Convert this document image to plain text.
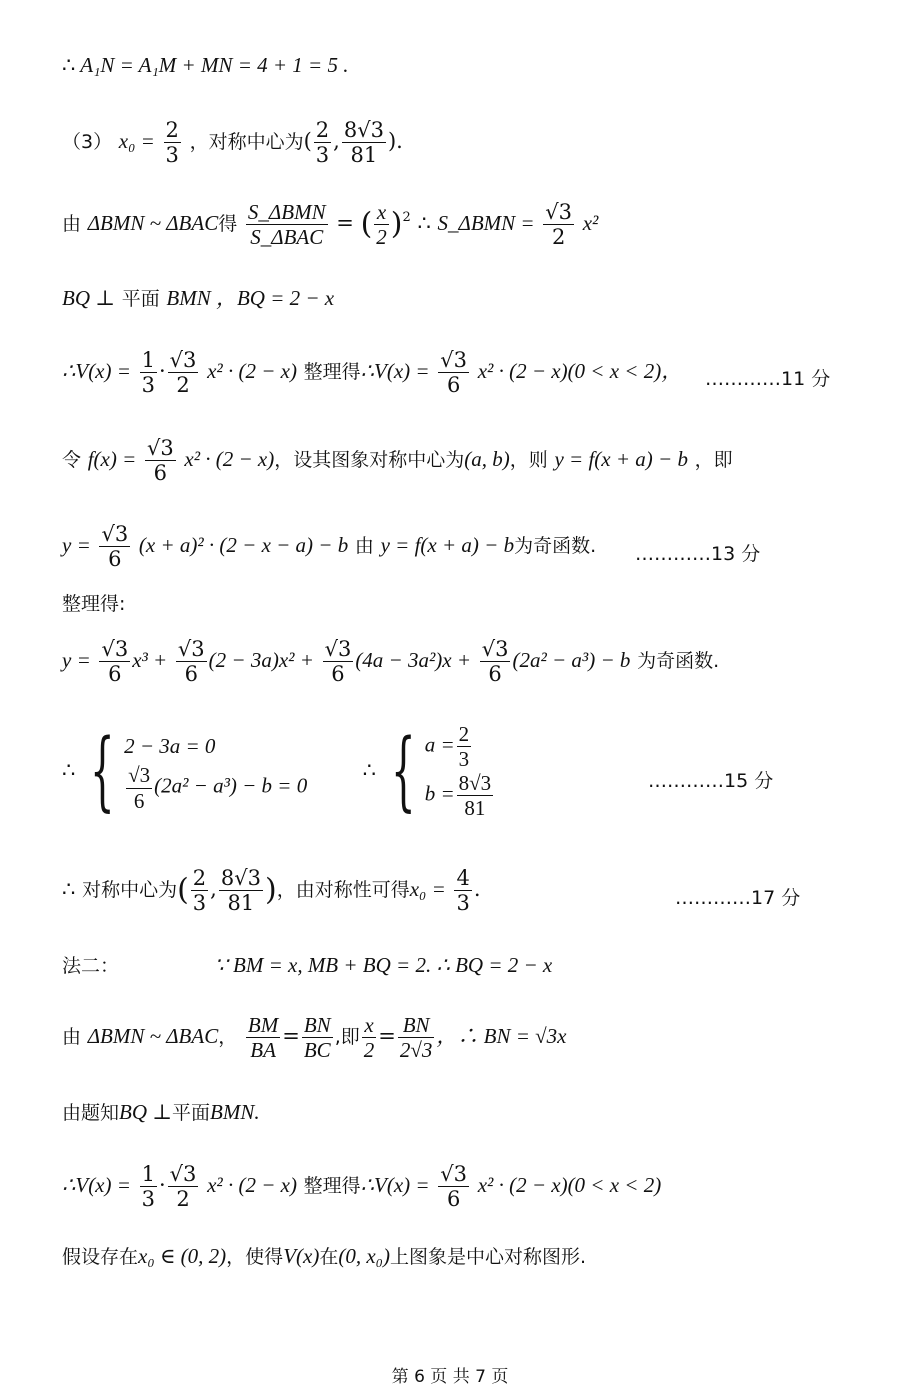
∴ A₁N = A₁M + MN = 4 + 1 = 5 .
（3） $x_0 = \frac{2}{3}$ ，对称中心为( $\frac{2}{3}$ , $\frac{8√3}{81}$ ).
由 ΔBMN ~ ΔBAC得 $\frac{\text{S\_ΔBMN}}{\text{S\_ΔBAC}}$ = ( $\frac{x}{2} )^2$ ∴ S_ΔBMN = $\frac{√3}{2} x^2$
BQ ⊥ 平面 BMN ，BQ = 2 − x
∴V(x) = $\frac{1}{3} \cdot \frac{√3}{2} x^2 \cdot (2 - x)$ 整理得∴V(x) = $\frac{√3}{6} x^2 \cdot (2 - x)(0 < x < 2)$， …………11 分
令 $f(x) = \frac{√3}{6} x^2 \cdot (2 - x)$，设其图象对称中心为(a, b)，则 y = f(x + a) − b ，即
$y = \frac{√3}{6} (x + a)^2 \cdot (2 - x - a) - b$ 由 y = f(x + a) − b为奇函数. …………13 分
整理得:
$y = \frac{√3}{6} x^3 + \frac{√3}{6} (2 - 3a)x^2 + \frac{√3}{6} (4a - 3a^2)x + \frac{√3}{6} (2a^2 - a^3) - b$ 为奇函数.
∴ { 2 − 3a = 0
$\frac{√3}{6} (2a^2 - a^3) - b = 0$
∴ { $a = \frac{2}{3}$
$b = \frac{8√3}{81}$	…………15 分
∴ 对称中心为( $\frac{2}{3}$ , $\frac{8√3}{81}$ )，由对称性可得$x_0 = \frac{4}{3}$ .	…………17 分
法二：	∵ BM = x, MB + BQ = 2. ∴ BQ = 2 − x
由 ΔBMN ~ ΔBAC， $\frac{BM}{BA} = \frac{BN}{BC}$ ,即 $\frac{x}{2} = \frac{BN}{2√3}$ ，∴ BN = √3x
由题知BQ ⊥平面BMN.
∴V(x) = $\frac{1}{3} \cdot \frac{√3}{2} x^2 \cdot (2 - x)$ 整理得∴V(x) = $\frac{√3}{6} x^2 \cdot (2 - x)(0 < x < 2)$
假设存在x₀ ∈ (0, 2)，使得V(x)在(0, x₀)上图象是中心对称图形.
第 6 页 共 7 页
